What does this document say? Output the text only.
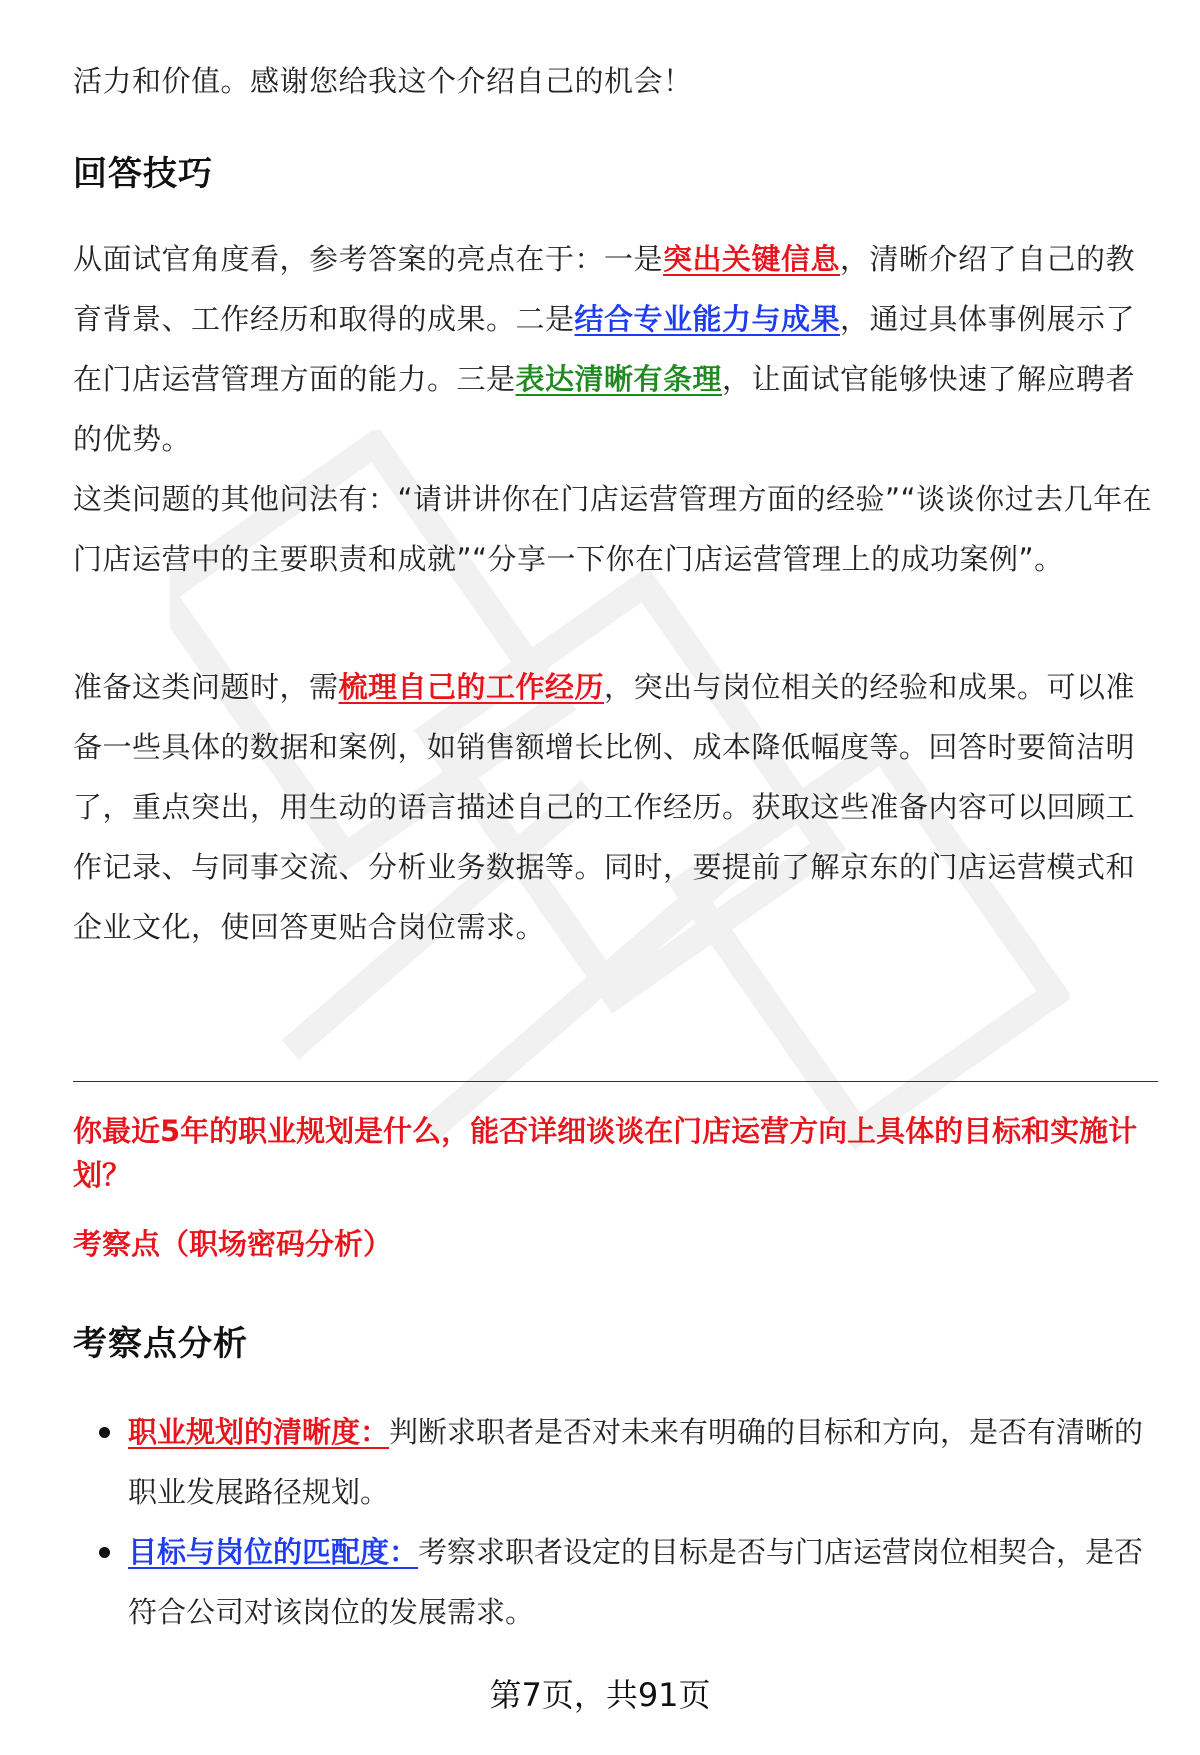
活力和价值。感谢您给我这个介绍自己的机会！

回答技巧

从面试官角度看，参考答案的亮点在于：一是突出关键信息，清晰介绍了自己的教育背景、工作经历和取得的成果。二是结合专业能力与成果，通过具体事例展示了在门店运营管理方面的能力。三是表达清晰有条理，让面试官能够快速了解应聘者的优势。

这类问题的其他问法有：“请讲讲你在门店运营管理方面的经验”“谈谈你过去几年在门店运营中的主要职责和成就”“分享一下你在门店运营管理上的成功案例”。

准备这类问题时，需梳理自己的工作经历，突出与岗位相关的经验和成果。可以准备一些具体的数据和案例，如销售额增长比例、成本降低幅度等。回答时要简洁明了，重点突出，用生动的语言描述自己的工作经历。获取这些准备内容可以回顾工作记录、与同事交流、分析业务数据等。同时，要提前了解京东的门店运营模式和企业文化，使回答更贴合岗位需求。

你最近5年的职业规划是什么，能否详细谈谈在门店运营方向上具体的目标和实施计划？

考察点（职场密码分析）

考察点分析
职业规划的清晰度：判断求职者是否对未来有明确的目标和方向，是否有清晰的职业发展路径规划。
目标与岗位的匹配度：考察求职者设定的目标是否与门店运营岗位相契合，是否符合公司对该岗位的发展需求。
第7页，共91页
